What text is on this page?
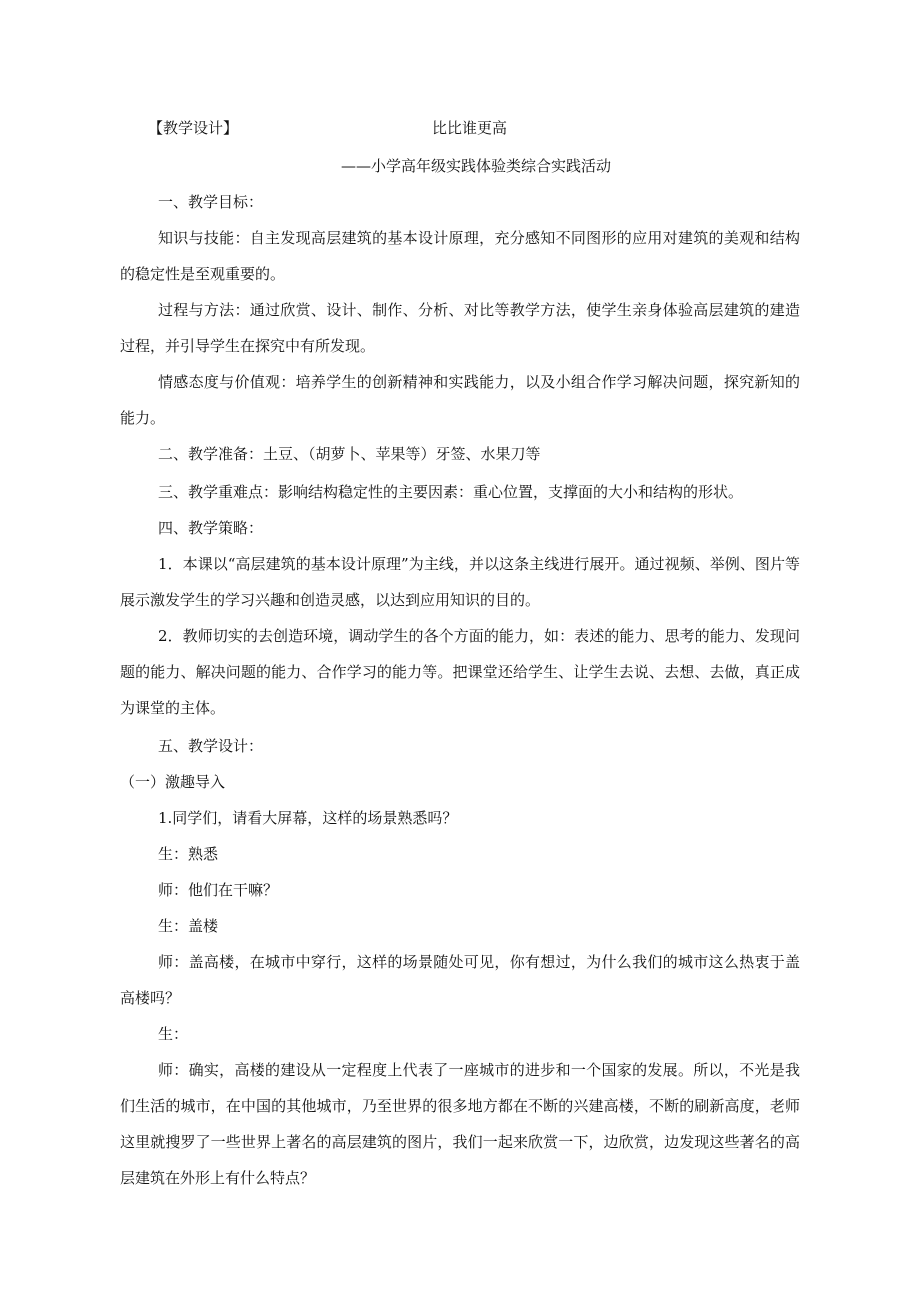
【教学设计】	比比谁更高
——小学高年级实践体验类综合实践活动
一、教学目标：
知识与技能：自主发现高层建筑的基本设计原理，充分感知不同图形的应用对建筑的美观和结构的稳定性是至观重要的。
过程与方法：通过欣赏、设计、制作、分析、对比等教学方法，使学生亲身体验高层建筑的建造过程，并引导学生在探究中有所发现。
情感态度与价值观：培养学生的创新精神和实践能力，以及小组合作学习解决问题，探究新知的能力。
二、教学准备：土豆、（胡萝卜、苹果等）牙签、水果刀等
三、教学重难点：影响结构稳定性的主要因素：重心位置，支撑面的大小和结构的形状。
四、教学策略：
1．本课以“高层建筑的基本设计原理”为主线，并以这条主线进行展开。通过视频、举例、图片等展示激发学生的学习兴趣和创造灵感，以达到应用知识的目的。
2．教师切实的去创造环境，调动学生的各个方面的能力，如：表述的能力、思考的能力、发现问题的能力、解决问题的能力、合作学习的能力等。把课堂还给学生、让学生去说、去想、去做，真正成为课堂的主体。
五、教学设计：
（一）激趣导入
1.同学们，请看大屏幕，这样的场景熟悉吗？
生：熟悉
师：他们在干嘛？
生：盖楼
师：盖高楼，在城市中穿行，这样的场景随处可见，你有想过，为什么我们的城市这么热衷于盖高楼吗？
生：
师：确实，高楼的建设从一定程度上代表了一座城市的进步和一个国家的发展。所以，不光是我们生活的城市，在中国的其他城市，乃至世界的很多地方都在不断的兴建高楼，不断的刷新高度，老师这里就搜罗了一些世界上著名的高层建筑的图片，我们一起来欣赏一下，边欣赏，边发现这些著名的高层建筑在外形上有什么特点？
